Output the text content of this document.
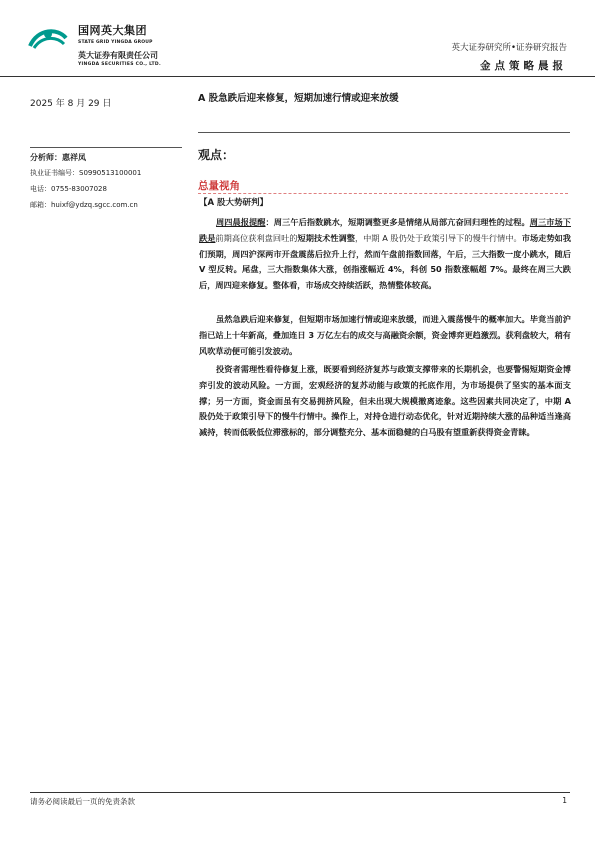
国网英大集团
STATE GRID YINGDA GROUP
英大证券有限责任公司
YINGDA SECURITIES CO., LTD.
英大证券研究所•证券研究报告
金点策略晨报
2025 年 8 月 29 日	A 股急跌后迎来修复，短期加速行情或迎来放缓
分析师：惠祥凤
执业证书编号：S0990513100001
电话：0755-83007028
邮箱：huixf@ydzq.sgcc.com.cn
观点：
总量视角
【A 股大势研判】
周四晨报提醒：周三午后指数跳水，短期调整更多是情绪从局部亢奋回归理性的过程。周三市场下跌是前期高位获利盘回吐的短期技术性调整，中期 A 股仍处于政策引导下的慢牛行情中。市场走势如我们预期，周四沪深两市开盘震荡后拉升上行，然而午盘前指数回落，午后，三大指数一度小跳水，随后 V 型反转。尾盘，三大指数集体大涨，创指涨幅近 4%，科创 50 指数涨幅超 7%。最终在周三大跌后，周四迎来修复。整体看，市场成交持续活跃，热情整体较高。
虽然急跌后迎来修复，但短期市场加速行情或迎来放缓，而进入震荡慢牛的概率加大。毕竟当前沪指已站上十年新高，叠加连日 3 万亿左右的成交与高融资余额，资金博弈更趋激烈。获利盘较大，稍有风吹草动便可能引发波动。
投资者需理性看待修复上涨，既要看到经济复苏与政策支撑带来的长期机会，也要警惕短期资金博弈引发的波动风险。一方面，宏观经济的复苏动能与政策的托底作用，为市场提供了坚实的基本面支撑；另一方面，资金面虽有交易拥挤风险，但未出现大规模撤离迹象。这些因素共同决定了，中期 A 股仍处于政策引导下的慢牛行情中。操作上，对持仓进行动态优化，针对近期持续大涨的品种适当逢高减持，转而低吸低位滞涨标的，部分调整充分、基本面稳健的白马股有望重新获得资金青睐。
请务必阅读最后一页的免责条款	1
